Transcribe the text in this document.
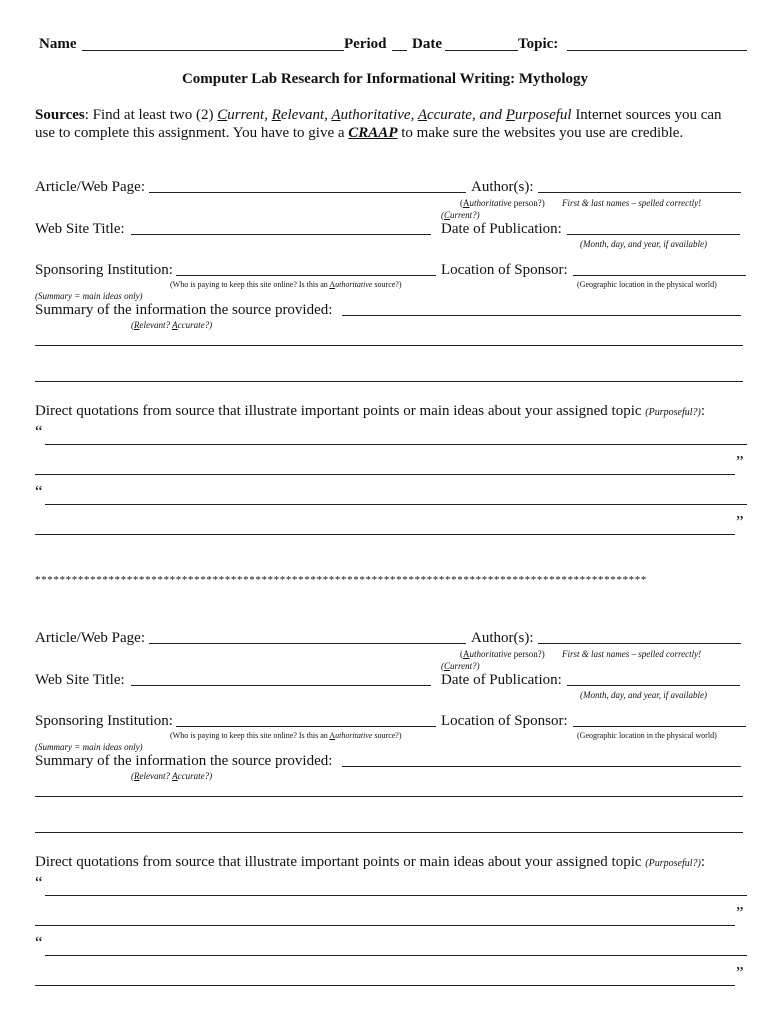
Name	Period Date	Topic:
Computer Lab Research for Informational Writing: Mythology
Sources: Find at least two (2) Current, Relevant, Authoritative, Accurate, and Purposeful Internet sources you can
use to complete this assignment. You have to give a CRAAP to make sure the websites you use are credible.
Article/Web Page:	Author(s):
(Authoritative person?) First & last names – spelled correctly!
(Current?)
Web Site Title:	Date of Publication:
(Month, day, and year, if available)
Sponsoring Institution:	Location of Sponsor:
(Who is paying to keep this site online? Is this an Authoritative source?)	(Geographic location in the physical world)
(Summary = main ideas only)
Summary of the information the source provided:
(Relevant? Accurate?)
Direct quotations from source that illustrate important points or main ideas about your assigned topic (Purposeful?):
“
”
“
”
****************************************************************************************************
Article/Web Page:	Author(s):
(Authoritative person?) First & last names – spelled correctly!
(Current?)
Web Site Title:	Date of Publication:
(Month, day, and year, if available)
Sponsoring Institution:	Location of Sponsor:
(Who is paying to keep this site online? Is this an Authoritative source?)	(Geographic location in the physical world)
(Summary = main ideas only)
Summary of the information the source provided:
(Relevant? Accurate?)
Direct quotations from source that illustrate important points or main ideas about your assigned topic (Purposeful?):
“
”
“
”
